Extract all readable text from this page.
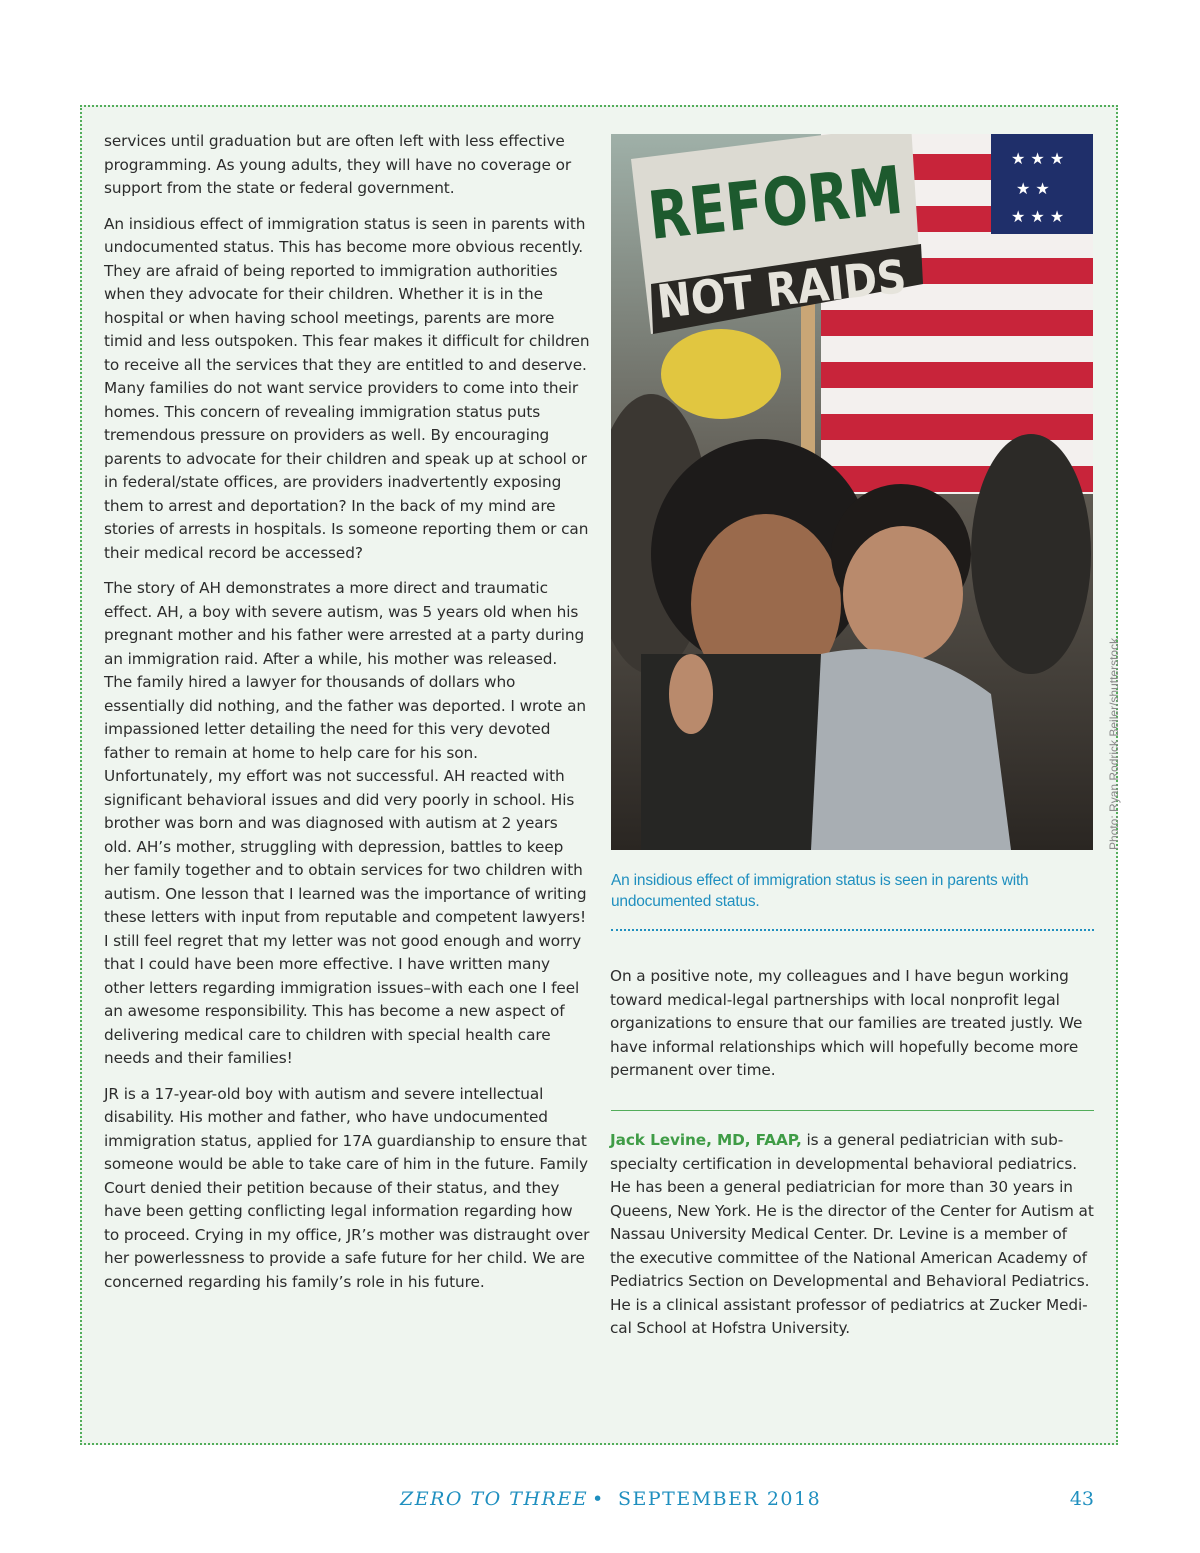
services until graduation but are often left with less effective programming. As young adults, they will have no coverage or support from the state or federal government.

An insidious effect of immigration status is seen in parents with undocumented status. This has become more obvious recently. They are afraid of being reported to immigration authorities when they advocate for their children. Whether it is in the hospital or when having school meetings, parents are more timid and less outspoken. This fear makes it difficult for children to receive all the services that they are entitled to and deserve. Many families do not want service providers to come into their homes. This concern of revealing immigration status puts tremendous pressure on providers as well. By encouraging parents to advocate for their children and speak up at school or in federal/state offices, are providers inadvertently exposing them to arrest and deportation? In the back of my mind are stories of arrests in hospitals. Is someone reporting them or can their medical record be accessed?

The story of AH demonstrates a more direct and traumatic effect. AH, a boy with severe autism, was 5 years old when his pregnant mother and his father were arrested at a party during an immigration raid. After a while, his mother was released. The family hired a lawyer for thousands of dollars who essentially did nothing, and the father was deported. I wrote an impassioned letter detailing the need for this very devoted father to remain at home to help care for his son. Unfortunately, my effort was not successful. AH reacted with significant behavioral issues and did very poorly in school. His brother was born and was diagnosed with autism at 2 years old. AH’s mother, struggling with depression, battles to keep her family together and to obtain services for two children with autism. One lesson that I learned was the importance of writing these letters with input from reputable and competent lawyers! I still feel regret that my letter was not good enough and worry that I could have been more effective. I have written many other letters regarding immigration issues–with each one I feel an awesome responsibility. This has become a new aspect of delivering medical care to children with special health care needs and their families!

JR is a 17-year-old boy with autism and severe intellectual disability. His mother and father, who have undocumented immigration status, applied for 17A guardianship to ensure that someone would be able to take care of him in the future. Family Court denied their petition because of their status, and they have been getting conflicting legal information regarding how to proceed. Crying in my office, JR’s mother was distraught over her powerlessness to provide a safe future for her child. We are concerned regarding his family’s role in his future.

★ ★ ★
★ ★
★ ★ ★
REFORM
NOT RAIDS
Photo: Ryan Rodrick Beiler/shutterstock
An insidious effect of immigration status is seen in parents with undocumented status.

On a positive note, my colleagues and I have begun working toward medical-legal partnerships with local nonprofit legal organizations to ensure that our families are treated justly. We have informal relationships which will hopefully become more permanent over time.

Jack Levine, MD, FAAP, is a general pediatrician with sub-specialty certification in developmental behavioral pediatrics. He has been a general pediatrician for more than 30 years in Queens, New York. He is the director of the Center for Autism at Nassau University Medical Center. Dr. Levine is a member of the executive committee of the National American Academy of Pediatrics Section on Developmental and Behavioral Pediatrics. He is a clinical assistant professor of pediatrics at Zucker Medi-cal School at Hofstra University.

ZERO TO THREE • SEPTEMBER 2018	43
